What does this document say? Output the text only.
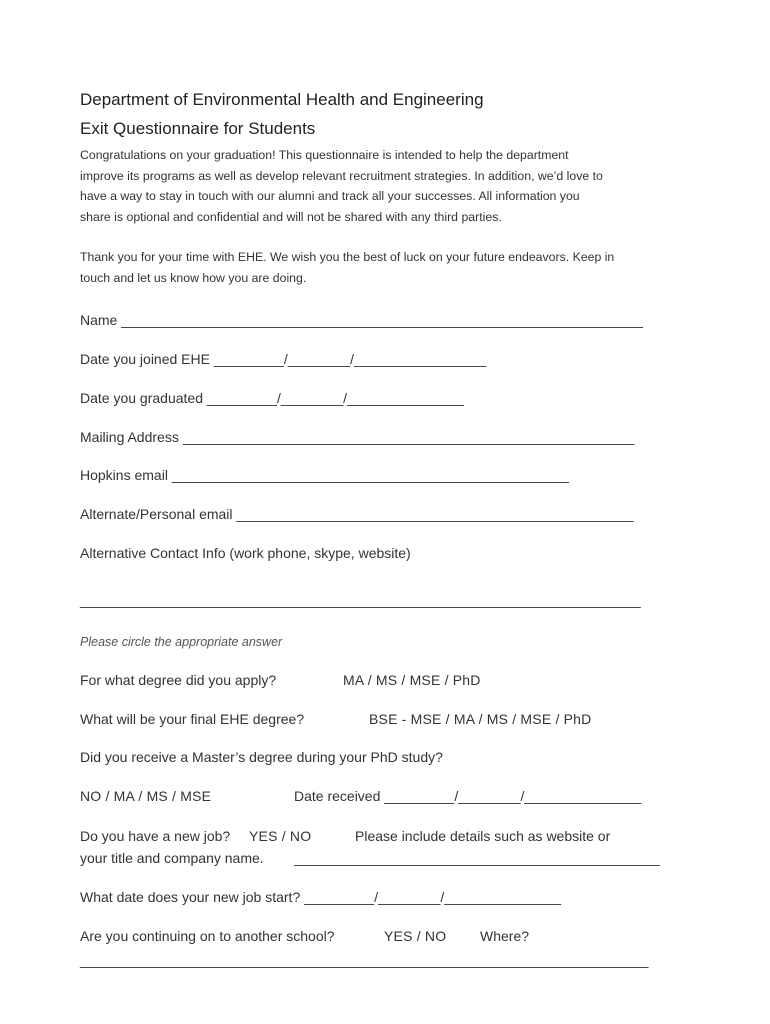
Department of Environmental Health and Engineering
Exit Questionnaire for Students
Congratulations on your graduation! This questionnaire is intended to help the department
improve its programs as well as develop relevant recruitment strategies. In addition, we’d love to
have a way to stay in touch with our alumni and track all your successes. All information you
share is optional and confidential and will not be shared with any third parties.
Thank you for your time with EHE. We wish you the best of luck on your future endeavors. Keep in
touch and let us know how you are doing.
Name ___________________________________________________________________
Date you joined EHE _________/________/_________________
Date you graduated _________/________/_______________
Mailing Address __________________________________________________________
Hopkins email ___________________________________________________
Alternate/Personal email ___________________________________________________
Alternative Contact Info (work phone, skype, website)
________________________________________________________________________
Please circle the appropriate answer
For what degree did you apply?	MA / MS / MSE / PhD
What will be your final EHE degree?	BSE - MSE / MA / MS / MSE / PhD
Did you receive a Master’s degree during your PhD study?
NO / MA / MS / MSE	Date received _________/________/_______________
Do you have a new job? YES / NO	Please include details such as website or
your title and company name. _______________________________________________
What date does your new job start? _________/________/_______________
Are you continuing on to another school?	YES / NO Where?
_________________________________________________________________________
